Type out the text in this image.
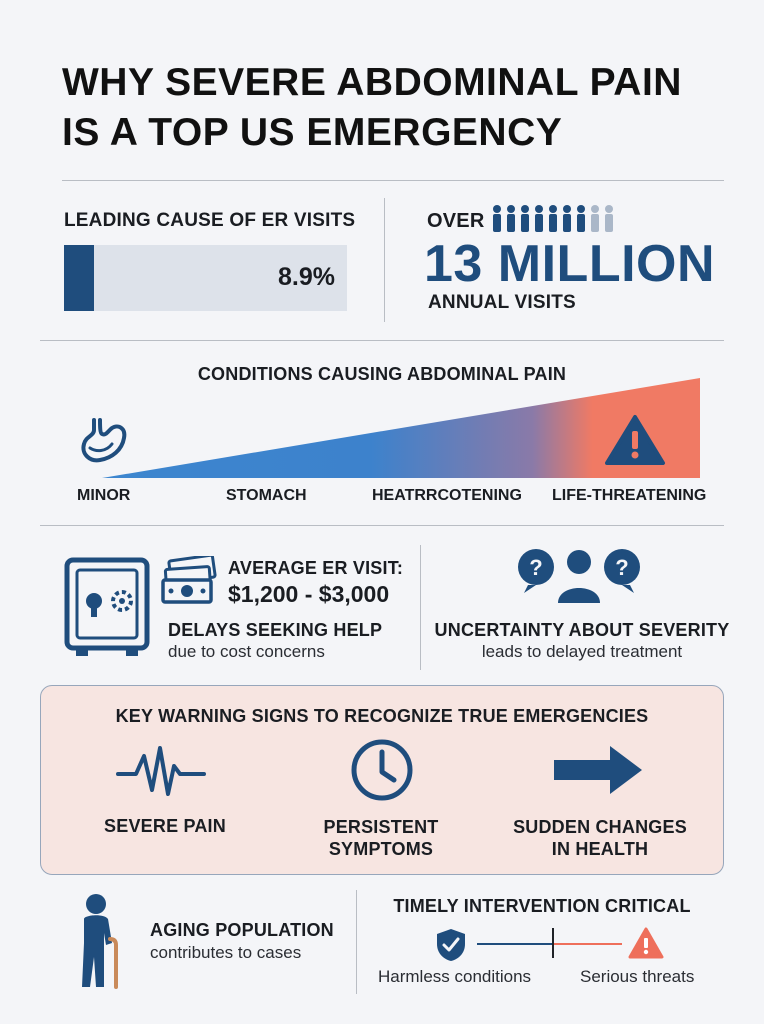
WHY SEVERE ABDOMINAL PAIN
IS A TOP US EMERGENCY
LEADING CAUSE OF ER VISITS
8.9%
OVER
13 MILLION
ANNUAL VISITS
CONDITIONS CAUSING ABDOMINAL PAIN
MINOR	STOMACH	HEATRRCOTENING LIFE-THREATENING
AVERAGE ER VISIT:
$1,200 - $3,000
DELAYS SEEKING HELP
due to cost concerns
?	?
UNCERTAINTY ABOUT SEVERITY
leads to delayed treatment
KEY WARNING SIGNS TO RECOGNIZE TRUE EMERGENCIES
SEVERE PAIN	PERSISTENT
SYMPTOMS
SUDDEN CHANGES
IN HEALTH
AGING POPULATION
contributes to cases
TIMELY INTERVENTION CRITICAL
Harmless conditions	Serious threats
